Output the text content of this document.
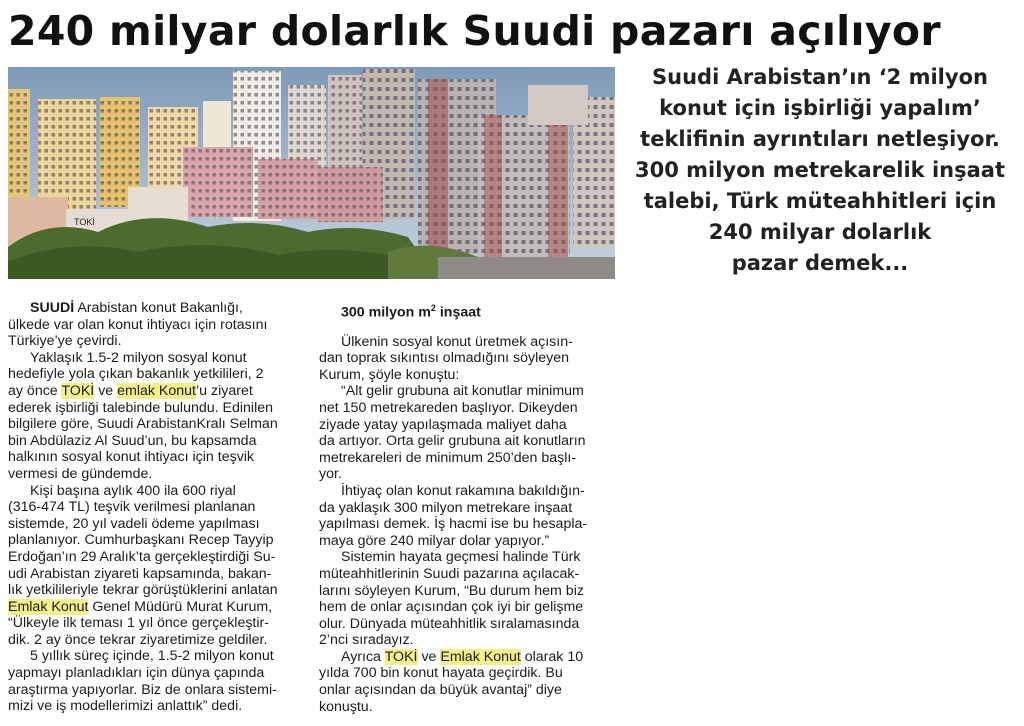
240 milyar dolarlık Suudi pazarı açılıyor
TOKİ
Suudi Arabistan’ın ‘2 milyon
konut için işbirliği yapalım’
teklifinin ayrıntıları netleşiyor.
300 milyon metrekarelik inşaat
talebi, Türk müteahhitleri için
240 milyar dolarlık
pazar demek...
SUUDİ Arabistan konut Bakanlığı,
ülkede var olan konut ihtiyacı için rotasını
Türkiye’ye çevirdi.
Yaklaşık 1.5-2 milyon sosyal konut
hedefiyle yola çıkan bakanlık yetkilileri, 2
ay önce TOKİ ve emlak Konut’u ziyaret
ederek işbirliği talebinde bulundu. Edinilen
bilgilere göre, Suudi ArabistanKralı Selman
bin Abdülaziz Al Suud’un, bu kapsamda
halkının sosyal konut ihtiyacı için teşvik
vermesi de gündemde.
Kişi başına aylık 400 ila 600 riyal
(316-474 TL) teşvik verilmesi planlanan
sistemde, 20 yıl vadeli ödeme yapılması
planlanıyor. Cumhurbaşkanı Recep Tayyip
Erdoğan’ın 29 Aralık’ta gerçekleştirdiği Su-
udi Arabistan ziyareti kapsamında, bakan-
lık yetkilileriyle tekrar görüştüklerini anlatan
Emlak Konut Genel Müdürü Murat Kurum,
“Ülkeyle ilk teması 1 yıl önce gerçekleştir-
dik. 2 ay önce tekrar ziyaretimize geldiler.
5 yıllık süreç içinde, 1.5-2 milyon konut
yapmayı planladıkları için dünya çapında
araştırma yapıyorlar. Biz de onlara sistemi-
mizi ve iş modellerimizi anlattık” dedi.
300 milyon $m^2$ inşaat
Ülkenin sosyal konut üretmek açısın-
dan toprak sıkıntısı olmadığını söyleyen
Kurum, şöyle konuştu:
“Alt gelir grubuna ait konutlar minimum
net 150 metrekareden başlıyor. Dikeyden
ziyade yatay yapılaşmada maliyet daha
da artıyor. Orta gelir grubuna ait konutların
metrekareleri de minimum 250’den başlı-
yor.
İhtiyaç olan konut rakamına bakıldığın-
da yaklaşık 300 milyon metrekare inşaat
yapılması demek. İş hacmi ise bu hesapla-
maya göre 240 milyar dolar yapıyor.”
Sistemin hayata geçmesi halinde Türk
müteahhitlerinin Suudi pazarına açılacak-
larını söyleyen Kurum, “Bu durum hem biz
hem de onlar açısından çok iyi bir gelişme
olur. Dünyada müteahhitlik sıralamasında
2’nci sıradayız.
Ayrıca TOKİ ve Emlak Konut olarak 10
yılda 700 bin konut hayata geçirdik. Bu
onlar açısından da büyük avantaj” diye
konuştu.
